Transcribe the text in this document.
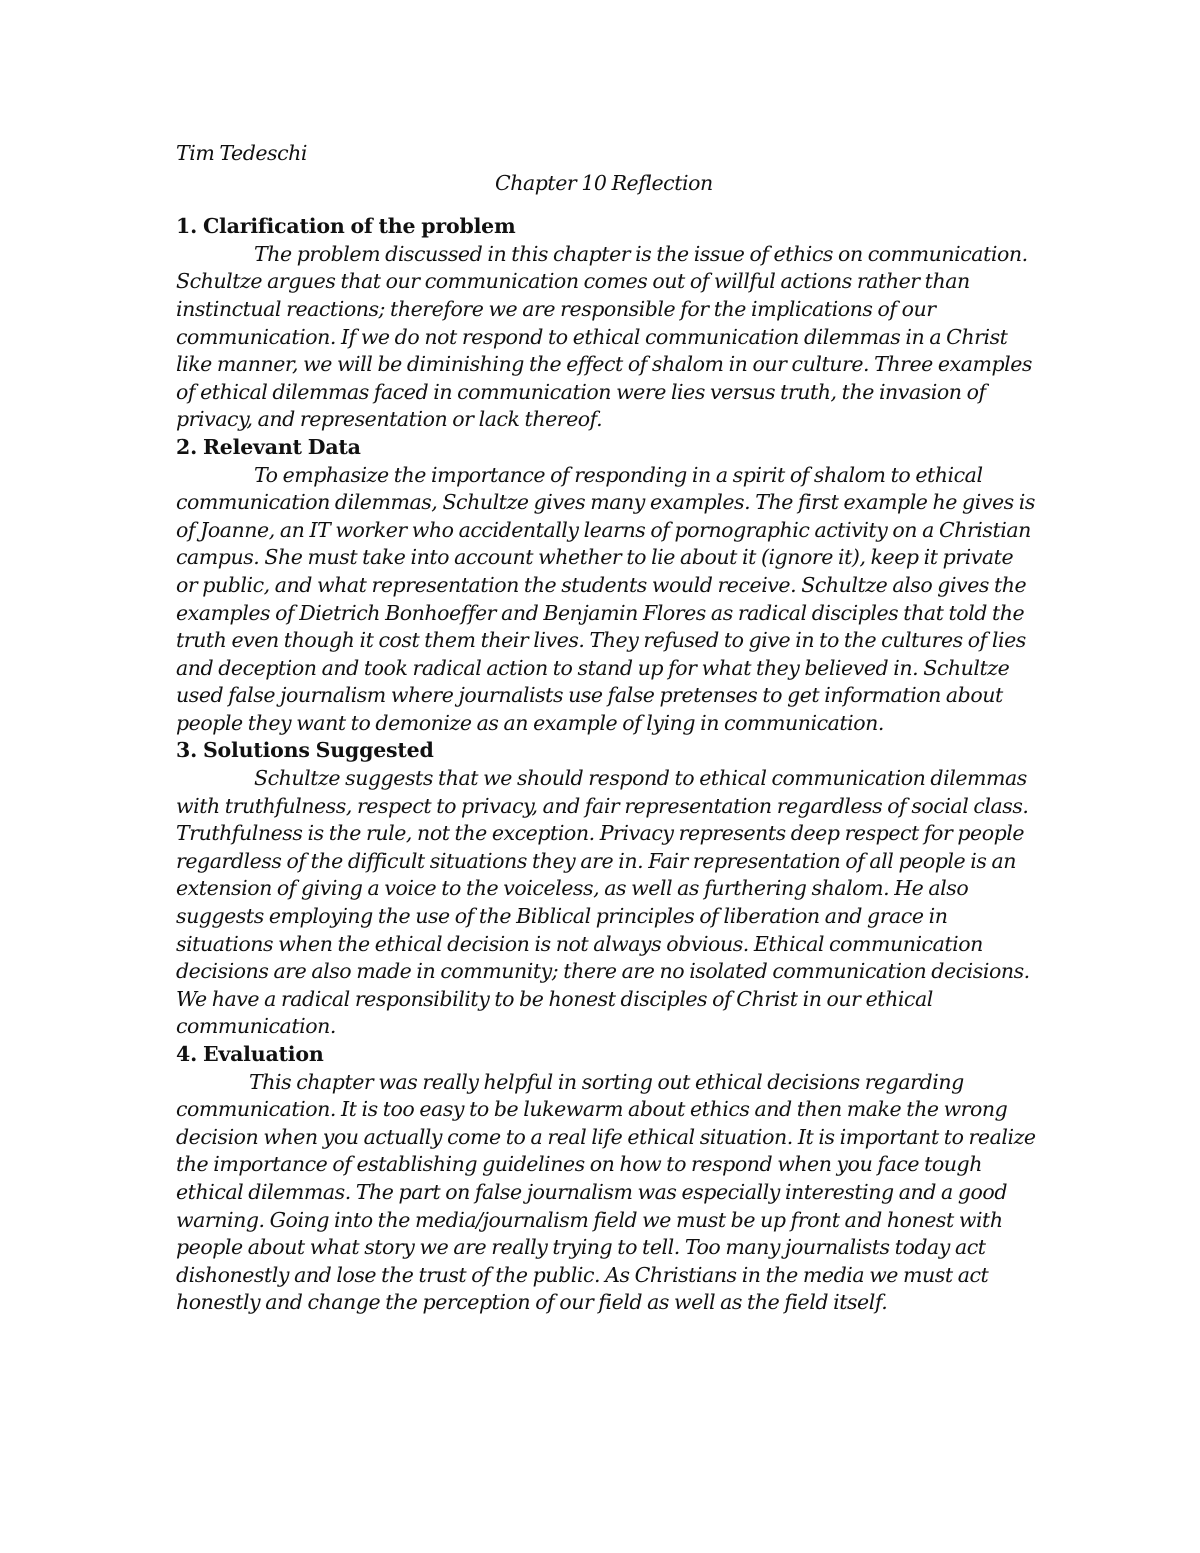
Tim Tedeschi

Chapter 10 Reflection

1. Clarification of the problem

The problem discussed in this chapter is the issue of ethics on communication. Schultze argues that our communication comes out of willful actions rather than instinctual reactions; therefore we are responsible for the implications of our communication. If we do not respond to ethical communication dilemmas in a Christ like manner, we will be diminishing the effect of shalom in our culture. Three examples of ethical dilemmas faced in communication were lies versus truth, the invasion of privacy, and representation or lack thereof.

2. Relevant Data

To emphasize the importance of responding in a spirit of shalom to ethical communication dilemmas, Schultze gives many examples. The first example he gives is of Joanne, an IT worker who accidentally learns of pornographic activity on a Christian campus. She must take into account whether to lie about it (ignore it), keep it private or public, and what representation the students would receive. Schultze also gives the examples of Dietrich Bonhoeffer and Benjamin Flores as radical disciples that told the truth even though it cost them their lives. They refused to give in to the cultures of lies and deception and took radical action to stand up for what they believed in. Schultze used false journalism where journalists use false pretenses to get information about people they want to demonize as an example of lying in communication.

3. Solutions Suggested

Schultze suggests that we should respond to ethical communication dilemmas with truthfulness, respect to privacy, and fair representation regardless of social class. Truthfulness is the rule, not the exception. Privacy represents deep respect for people regardless of the difficult situations they are in. Fair representation of all people is an extension of giving a voice to the voiceless, as well as furthering shalom. He also suggests employing the use of the Biblical principles of liberation and grace in situations when the ethical decision is not always obvious. Ethical communication decisions are also made in community; there are no isolated communication decisions. We have a radical responsibility to be honest disciples of Christ in our ethical communication.

4. Evaluation

This chapter was really helpful in sorting out ethical decisions regarding communication. It is too easy to be lukewarm about ethics and then make the wrong decision when you actually come to a real life ethical situation. It is important to realize the importance of establishing guidelines on how to respond when you face tough ethical dilemmas. The part on false journalism was especially interesting and a good warning. Going into the media/journalism field we must be up front and honest with people about what story we are really trying to tell. Too many journalists today act dishonestly and lose the trust of the public. As Christians in the media we must act honestly and change the perception of our field as well as the field itself.
